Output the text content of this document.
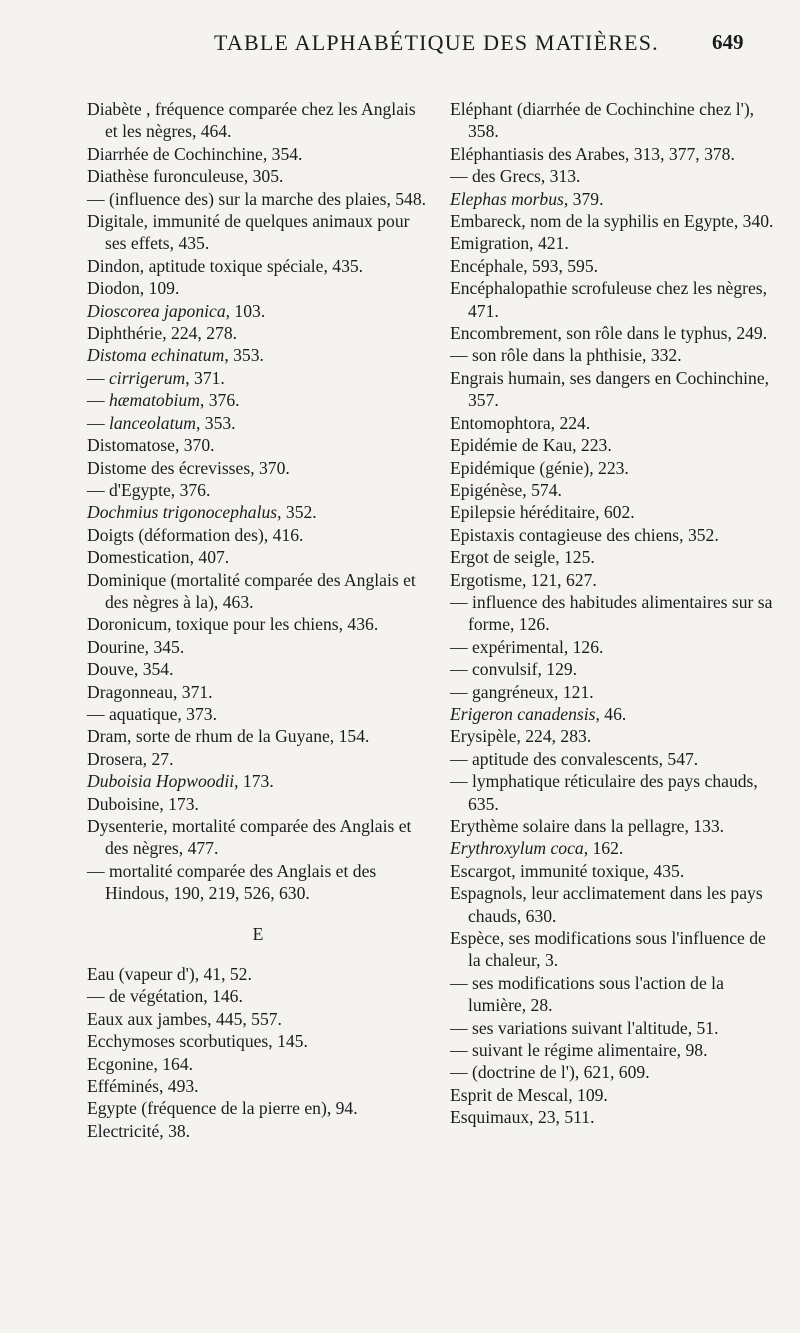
TABLE ALPHABÉTIQUE DES MATIÈRES.	649
Diabète , fréquence comparée chez les Anglais et les nègres, 464.
Diarrhée de Cochinchine, 354.
Diathèse furonculeuse, 305.
— (influence des) sur la marche des plaies, 548.
Digitale, immunité de quelques animaux pour ses effets, 435.
Dindon, aptitude toxique spéciale, 435.
Diodon, 109.
Dioscorea japonica, 103.
Diphthérie, 224, 278.
Distoma echinatum, 353.
— cirrigerum, 371.
— hæmatobium, 376.
— lanceolatum, 353.
Distomatose, 370.
Distome des écrevisses, 370.
— d'Egypte, 376.
Dochmius trigonocephalus, 352.
Doigts (déformation des), 416.
Domestication, 407.
Dominique (mortalité comparée des Anglais et des nègres à la), 463.
Doronicum, toxique pour les chiens, 436.
Dourine, 345.
Douve, 354.
Dragonneau, 371.
— aquatique, 373.
Dram, sorte de rhum de la Guyane, 154.
Drosera, 27.
Duboisia Hopwoodii, 173.
Duboisine, 173.
Dysenterie, mortalité comparée des Anglais et des nègres, 477.
— mortalité comparée des Anglais et des Hindous, 190, 219, 526, 630.
E
Eau (vapeur d'), 41, 52.
— de végétation, 146.
Eaux aux jambes, 445, 557.
Ecchymoses scorbutiques, 145.
Ecgonine, 164.
Efféminés, 493.
Egypte (fréquence de la pierre en), 94.
Electricité, 38.
Eléphant (diarrhée de Cochinchine chez l'), 358.
Eléphantiasis des Arabes, 313, 377, 378.
— des Grecs, 313.
Elephas morbus, 379.
Embareck, nom de la syphilis en Egypte, 340.
Emigration, 421.
Encéphale, 593, 595.
Encéphalopathie scrofuleuse chez les nègres, 471.
Encombrement, son rôle dans le typhus, 249.
— son rôle dans la phthisie, 332.
Engrais humain, ses dangers en Cochinchine, 357.
Entomophtora, 224.
Epidémie de Kau, 223.
Epidémique (génie), 223.
Epigénèse, 574.
Epilepsie héréditaire, 602.
Epistaxis contagieuse des chiens, 352.
Ergot de seigle, 125.
Ergotisme, 121, 627.
— influence des habitudes alimentaires sur sa forme, 126.
— expérimental, 126.
— convulsif, 129.
— gangréneux, 121.
Erigeron canadensis, 46.
Erysipèle, 224, 283.
— aptitude des convalescents, 547.
— lymphatique réticulaire des pays chauds, 635.
Erythème solaire dans la pellagre, 133.
Erythroxylum coca, 162.
Escargot, immunité toxique, 435.
Espagnols, leur acclimatement dans les pays chauds, 630.
Espèce, ses modifications sous l'influence de la chaleur, 3.
— ses modifications sous l'action de la lumière, 28.
— ses variations suivant l'altitude, 51.
— suivant le régime alimentaire, 98.
— (doctrine de l'), 621, 609.
Esprit de Mescal, 109.
Esquimaux, 23, 511.
